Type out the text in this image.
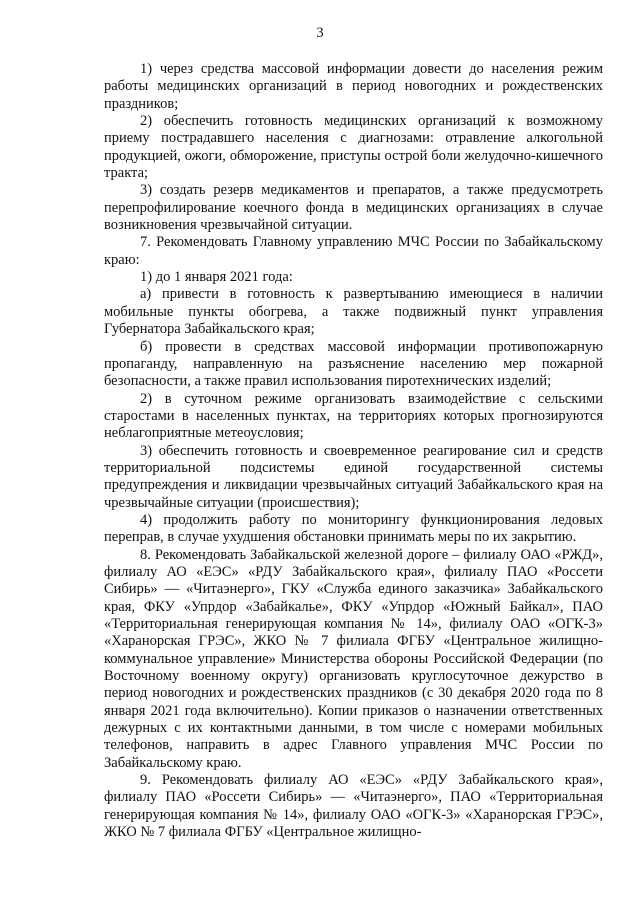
3

1) через средства массовой информации довести до населения режим работы медицинских организаций в период новогодних и рождественских праздников;

2) обеспечить готовность медицинских организаций к возможному приему пострадавшего населения с диагнозами: отравление алкогольной продукцией, ожоги, обморожение, приступы острой боли желудочно-кишечного тракта;

3) создать резерв медикаментов и препаратов, а также предусмотреть перепрофилирование коечного фонда в медицинских организациях в случае возникновения чрезвычайной ситуации.

7. Рекомендовать Главному управлению МЧС России по Забайкальскому краю:

1) до 1 января 2021 года:

а) привести в готовность к развертыванию имеющиеся в наличии мобильные пункты обогрева, а также подвижный пункт управления Губернатора Забайкальского края;

б) провести в средствах массовой информации противопожарную пропаганду, направленную на разъяснение населению мер пожарной безопасности, а также правил использования пиротехнических изделий;

2) в суточном режиме организовать взаимодействие с сельскими старостами в населенных пунктах, на территориях которых прогнозируются неблагоприятные метеоусловия;

3) обеспечить готовность и своевременное реагирование сил и средств территориальной подсистемы единой государственной системы предупреждения и ликвидации чрезвычайных ситуаций Забайкальского края на чрезвычайные ситуации (происшествия);

4) продолжить работу по мониторингу функционирования ледовых переправ, в случае ухудшения обстановки принимать меры по их закрытию.

8. Рекомендовать Забайкальской железной дороге – филиалу ОАО «РЖД», филиалу АО «ЕЭС» «РДУ Забайкальского края», филиалу ПАО «Россети Сибирь» — «Читаэнерго», ГКУ «Служба единого заказчика» Забайкальского края, ФКУ «Упрдор «Забайкалье», ФКУ «Упрдор «Южный Байкал», ПАО «Территориальная генерирующая компания № 14», филиалу ОАО «ОГК-3» «Харанорская ГРЭС», ЖКО № 7 филиала ФГБУ «Центральное жилищно-коммунальное управление» Министерства обороны Российской Федерации (по Восточному военному округу) организовать круглосуточное дежурство в период новогодних и рождественских праздников (с 30 декабря 2020 года по 8 января 2021 года включительно). Копии приказов о назначении ответственных дежурных с их контактными данными, в том числе с номерами мобильных телефонов, направить в адрес Главного управления МЧС России по Забайкальскому краю.

9. Рекомендовать филиалу АО «ЕЭС» «РДУ Забайкальского края», филиалу ПАО «Россети Сибирь» — «Читаэнерго», ПАО «Территориальная генерирующая компания № 14», филиалу ОАО «ОГК-3» «Харанорская ГРЭС», ЖКО № 7 филиала ФГБУ «Центральное жилищно-
